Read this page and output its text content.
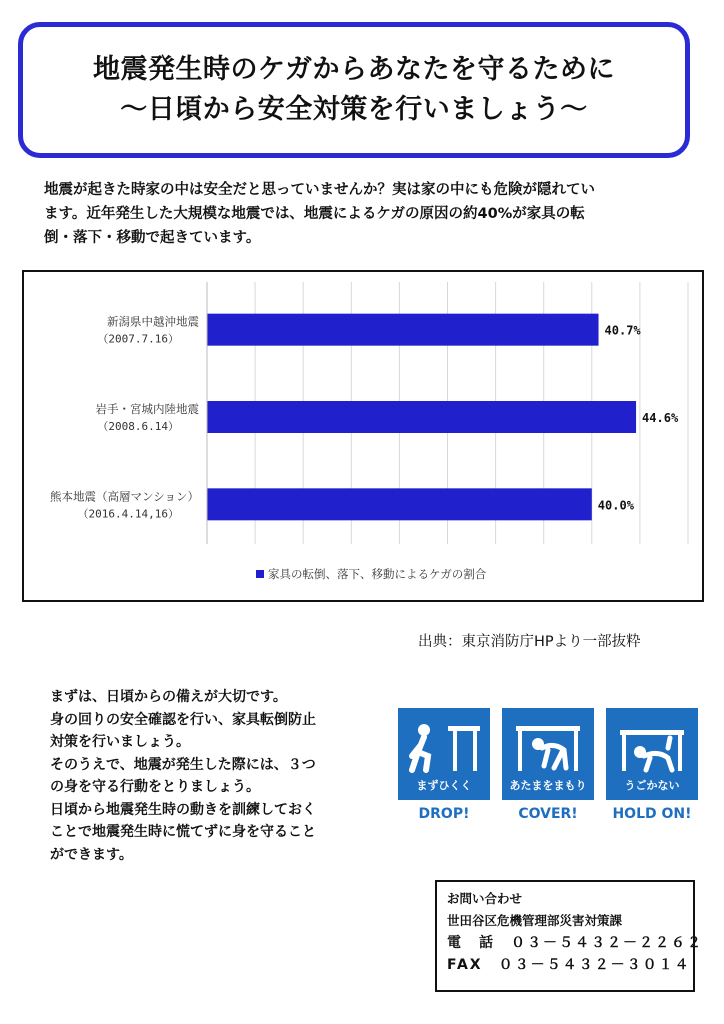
地震発生時のケガからあなたを守るために
～日頃から安全対策を行いましょう～
地震が起きた時家の中は安全だと思っていませんか？実は家の中にも危険が隠れてい
ます。近年発生した大規模な地震では、地震によるケガの原因の約40%が家具の転
倒・落下・移動で起きています。
40.7%
新潟県中越沖地震
（2007.7.16）
44.6%
岩手・宮城内陸地震
（2008.6.14）
40.0%
熊本地震（高層マンション）
（2016.4.14,16）
家具の転倒、落下、移動によるケガの割合
出典：東京消防庁HPより一部抜粋
まずは、日頃からの備えが大切です。
身の回りの安全確認を行い、家具転倒防止
対策を行いましょう。
そのうえで、地震が発生した際には、３つ
の身を守る行動をとりましょう。
日頃から地震発生時の動きを訓練しておく
ことで地震発生時に慌てずに身を守ること
ができます。
まずひくく
DROP!
あたまをまもり
COVER!
うごかない
HOLD ON!
お問い合わせ
世田谷区危機管理部災害対策課
電　話　 ０３－５４３２－２２６２
FAX　 ０３－５４３２－３０１４
